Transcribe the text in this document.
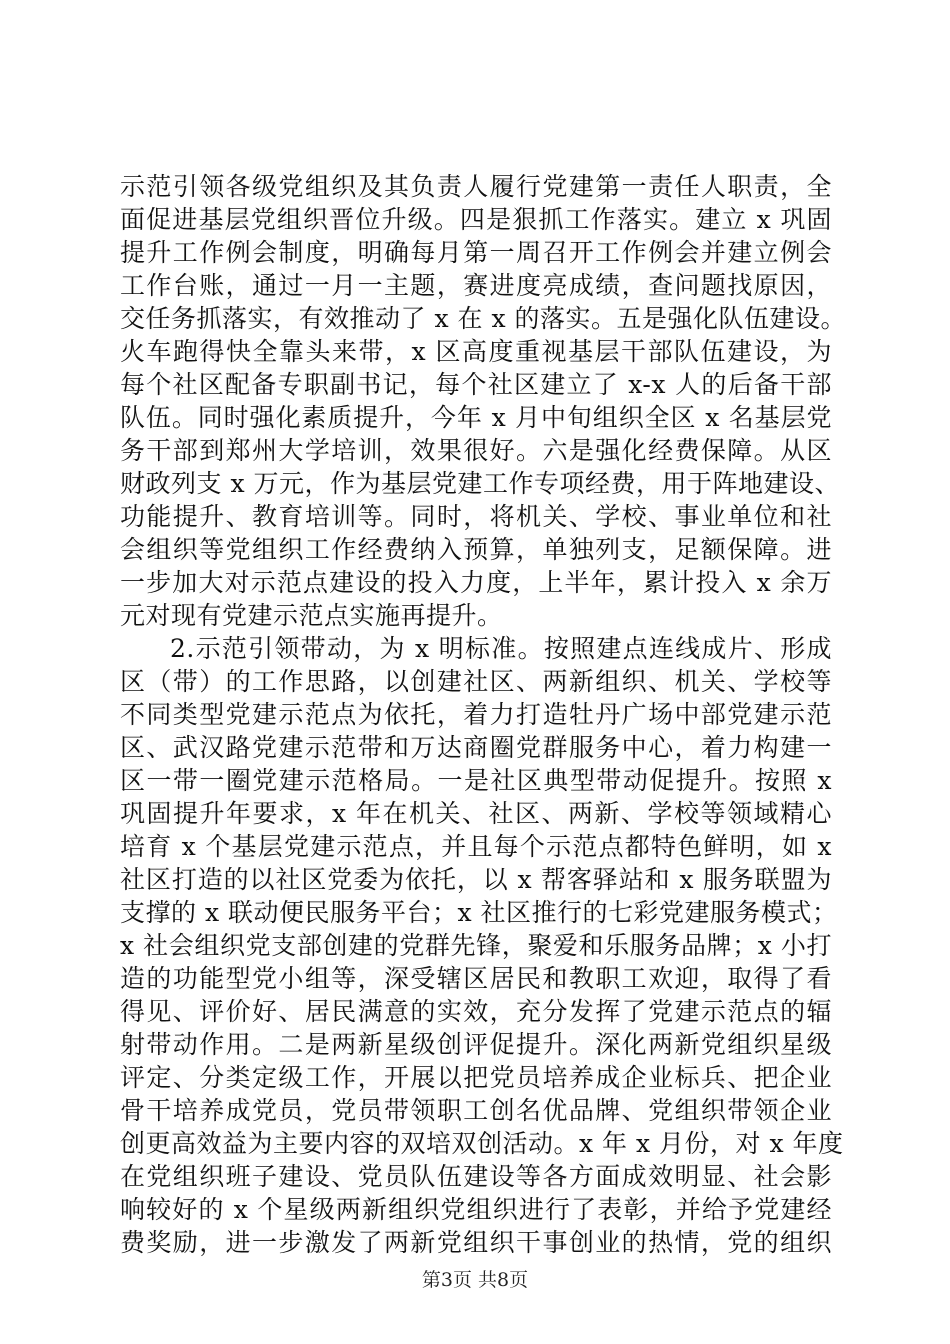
示范引领各级党组织及其负责人履行党建第一责任人职责，全
面促进基层党组织晋位升级。四是狠抓工作落实。建立 x 巩固
提升工作例会制度，明确每月第一周召开工作例会并建立例会
工作台账，通过一月一主题，赛进度亮成绩，查问题找原因，
交任务抓落实，有效推动了 x 在 x 的落实。五是强化队伍建设。
火车跑得快全靠头来带，x 区高度重视基层干部队伍建设，为
每个社区配备专职副书记，每个社区建立了 x-x 人的后备干部
队伍。同时强化素质提升，今年 x 月中旬组织全区 x 名基层党
务干部到郑州大学培训，效果很好。六是强化经费保障。从区
财政列支 x 万元，作为基层党建工作专项经费，用于阵地建设、
功能提升、教育培训等。同时，将机关、学校、事业单位和社
会组织等党组织工作经费纳入预算，单独列支，足额保障。进
一步加大对示范点建设的投入力度，上半年，累计投入 x 余万
元对现有党建示范点实施再提升。
2.示范引领带动，为 x 明标准。按照建点连线成片、形成
区（带）的工作思路，以创建社区、两新组织、机关、学校等
不同类型党建示范点为依托，着力打造牡丹广场中部党建示范
区、武汉路党建示范带和万达商圈党群服务中心，着力构建一
区一带一圈党建示范格局。一是社区典型带动促提升。按照 x
巩固提升年要求，x 年在机关、社区、两新、学校等领域精心
培育 x 个基层党建示范点，并且每个示范点都特色鲜明，如 x
社区打造的以社区党委为依托，以 x 帮客驿站和 x 服务联盟为
支撑的 x 联动便民服务平台；x 社区推行的七彩党建服务模式；
x 社会组织党支部创建的党群先锋，聚爱和乐服务品牌；x 小打
造的功能型党小组等，深受辖区居民和教职工欢迎，取得了看
得见、评价好、居民满意的实效，充分发挥了党建示范点的辐
射带动作用。二是两新星级创评促提升。深化两新党组织星级
评定、分类定级工作，开展以把党员培养成企业标兵、把企业
骨干培养成党员，党员带领职工创名优品牌、党组织带领企业
创更高效益为主要内容的双培双创活动。x 年 x 月份，对 x 年度
在党组织班子建设、党员队伍建设等各方面成效明显、社会影
响较好的 x 个星级两新组织党组织进行了表彰，并给予党建经
费奖励，进一步激发了两新党组织干事创业的热情，党的组织
第3页 共8页
